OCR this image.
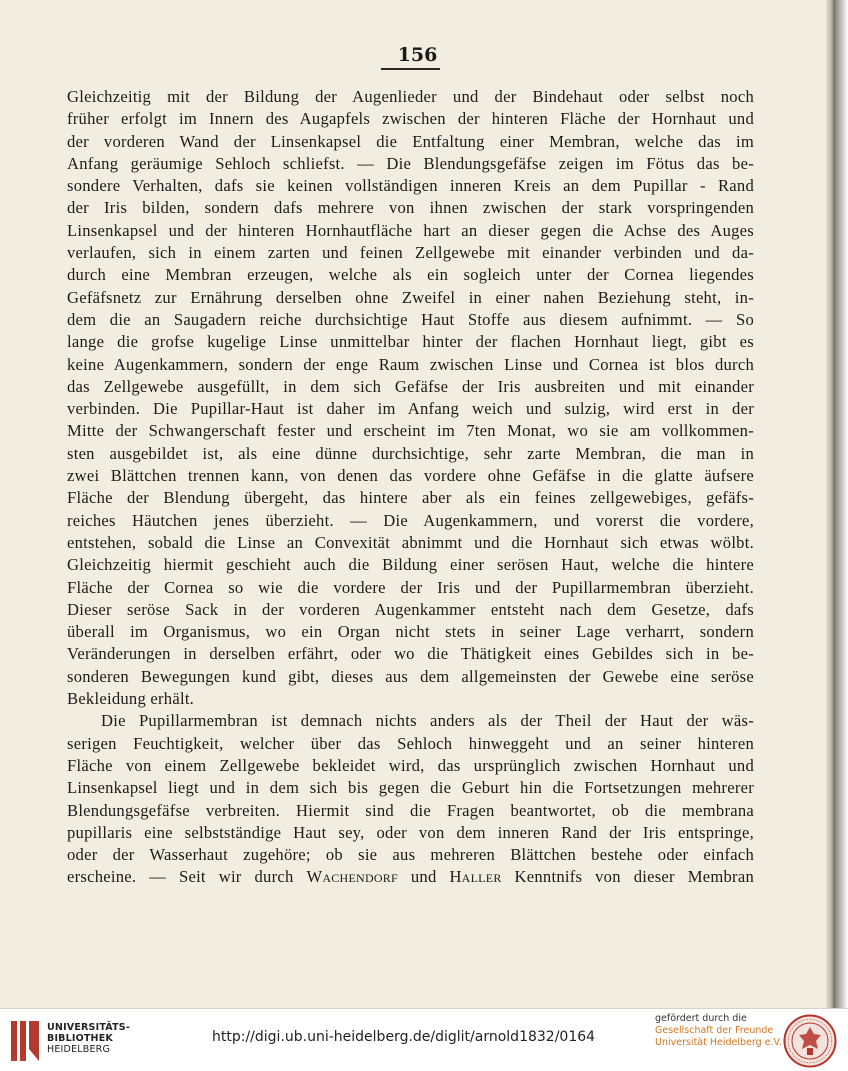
156
Gleichzeitig mit der Bildung der Augenlieder und der Bindehaut oder selbst noch
früher erfolgt im Innern des Augapfels zwischen der hinteren Fläche der Hornhaut und
der vorderen Wand der Linsenkapsel die Entfaltung einer Membran, welche das im
Anfang geräumige Sehloch schliefst. — Die Blendungsgefäfse zeigen im Fötus das be-
sondere Verhalten, dafs sie keinen vollständigen inneren Kreis an dem Pupillar - Rand
der Iris bilden, sondern dafs mehrere von ihnen zwischen der stark vorspringenden
Linsenkapsel und der hinteren Hornhautfläche hart an dieser gegen die Achse des Auges
verlaufen, sich in einem zarten und feinen Zellgewebe mit einander verbinden und da-
durch eine Membran erzeugen, welche als ein sogleich unter der Cornea liegendes
Gefäfsnetz zur Ernährung derselben ohne Zweifel in einer nahen Beziehung steht, in-
dem die an Saugadern reiche durchsichtige Haut Stoffe aus diesem aufnimmt. — So
lange die grofse kugelige Linse unmittelbar hinter der flachen Hornhaut liegt, gibt es
keine Augenkammern, sondern der enge Raum zwischen Linse und Cornea ist blos durch
das Zellgewebe ausgefüllt, in dem sich Gefäfse der Iris ausbreiten und mit einander
verbinden. Die Pupillar-Haut ist daher im Anfang weich und sulzig, wird erst in der
Mitte der Schwangerschaft fester und erscheint im 7ten Monat, wo sie am vollkommen-
sten ausgebildet ist, als eine dünne durchsichtige, sehr zarte Membran, die man in
zwei Blättchen trennen kann, von denen das vordere ohne Gefäfse in die glatte äufsere
Fläche der Blendung übergeht, das hintere aber als ein feines zellgewebiges, gefäfs-
reiches Häutchen jenes überzieht. — Die Augenkammern, und vorerst die vordere,
entstehen, sobald die Linse an Convexität abnimmt und die Hornhaut sich etwas wölbt.
Gleichzeitig hiermit geschieht auch die Bildung einer serösen Haut, welche die hintere
Fläche der Cornea so wie die vordere der Iris und der Pupillarmembran überzieht.
Dieser seröse Sack in der vorderen Augenkammer entsteht nach dem Gesetze, dafs
überall im Organismus, wo ein Organ nicht stets in seiner Lage verharrt, sondern
Veränderungen in derselben erfährt, oder wo die Thätigkeit eines Gebildes sich in be-
sonderen Bewegungen kund gibt, dieses aus dem allgemeinsten der Gewebe eine seröse
Bekleidung erhält.
Die Pupillarmembran ist demnach nichts anders als der Theil der Haut der wäs-
serigen Feuchtigkeit, welcher über das Sehloch hinweggeht und an seiner hinteren
Fläche von einem Zellgewebe bekleidet wird, das ursprünglich zwischen Hornhaut und
Linsenkapsel liegt und in dem sich bis gegen die Geburt hin die Fortsetzungen mehrerer
Blendungsgefäfse verbreiten. Hiermit sind die Fragen beantwortet, ob die membrana
pupillaris eine selbstständige Haut sey, oder von dem inneren Rand der Iris entspringe,
oder der Wasserhaut zugehöre; ob sie aus mehreren Blättchen bestehe oder einfach
erscheine. — Seit wir durch Wachendorf und Haller Kenntnifs von dieser Membran
UNIVERSITÄTS-
BIBLIOTHEK
HEIDELBERG
http://digi.ub.uni-heidelberg.de/diglit/arnold1832/0164
gefördert durch die
Gesellschaft der Freunde
Universität Heidelberg e.V.
